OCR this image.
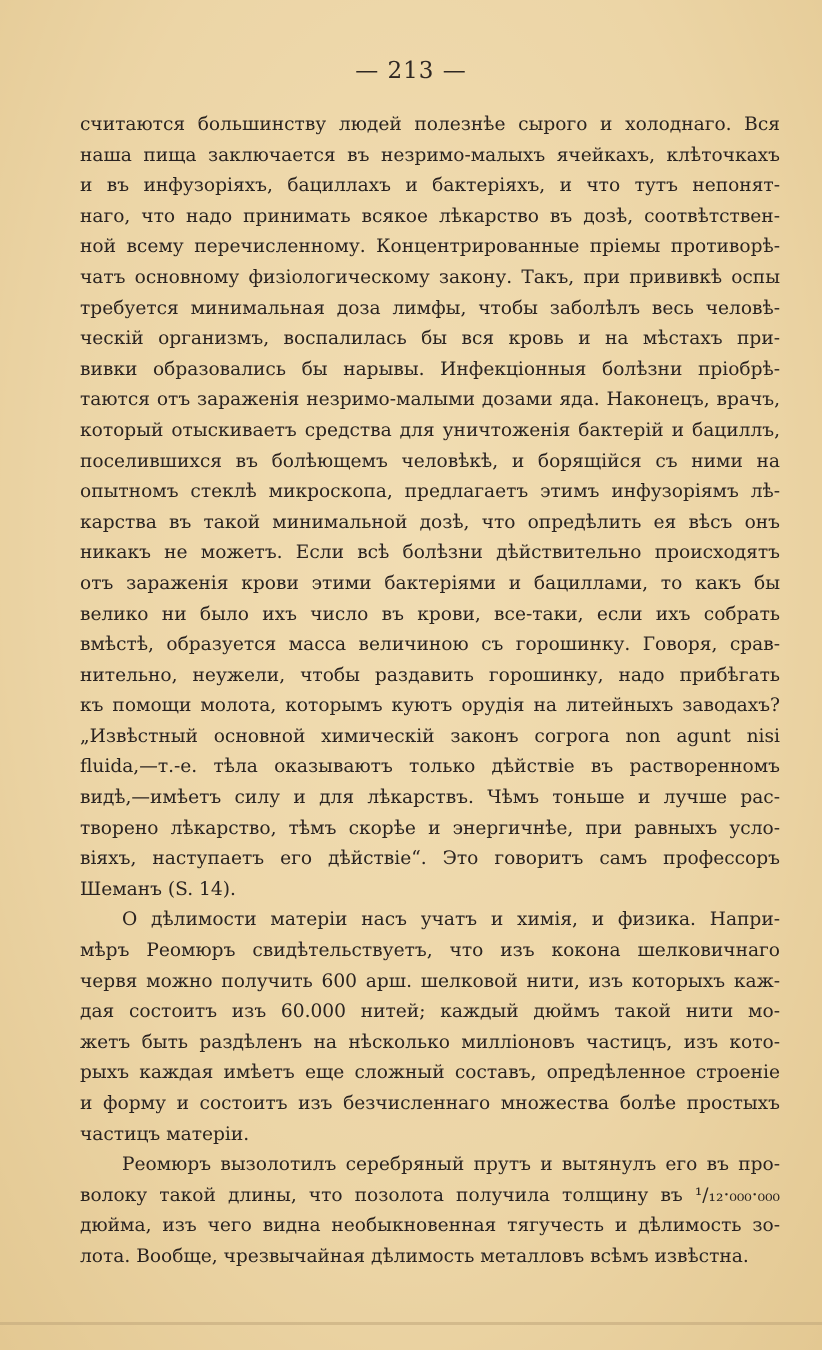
— 213 —
считаются большинству людей полезнѣе сырого и холоднаго. Вся
наша пища заключается въ незримо-малыхъ ячейкахъ, клѣточкахъ
и въ инфузоріяхъ, бациллахъ и бактеріяхъ, и что тутъ непонят-
наго, что надо принимать всякое лѣкарство въ дозѣ, соотвѣтствен-
ной всему перечисленному. Концентрированные пріемы противорѣ-
чатъ основному физіологическому закону. Такъ, при прививкѣ оспы
требуется минимальная доза лимфы, чтобы заболѣлъ весь человѣ-
ческій организмъ, воспалилась бы вся кровь и на мѣстахъ при-
вивки образовались бы нарывы. Инфекціонныя болѣзни пріобрѣ-
таются отъ зараженія незримо-малыми дозами яда. Наконецъ, врачъ,
который отыскиваетъ средства для уничтоженія бактерій и бациллъ,
поселившихся въ болѣющемъ человѣкѣ, и борящійся съ ними на
опытномъ стеклѣ микроскопа, предлагаетъ этимъ инфузоріямъ лѣ-
карства въ такой минимальной дозѣ, что опредѣлить ея вѣсъ онъ
никакъ не можетъ. Если всѣ болѣзни дѣйствительно происходятъ
отъ зараженія крови этими бактеріями и бациллами, то какъ бы
велико ни было ихъ число въ крови, все-таки, если ихъ собрать
вмѣстѣ, образуется масса величиною съ горошинку. Говоря, срав-
нительно, неужели, чтобы раздавить горошинку, надо прибѣгать
къ помощи молота, которымъ куютъ орудія на литейныхъ заводахъ?
„Извѣстный основной химическій законъ согрога non agunt nisi
fluida,—т.-е. тѣла оказываютъ только дѣйствіе въ растворенномъ
видѣ,—имѣетъ силу и для лѣкарствъ. Чѣмъ тоньше и лучше рас-
творено лѣкарство, тѣмъ скорѣе и энергичнѣе, при равныхъ усло-
віяхъ, наступаетъ его дѣйствіе“. Это говоритъ самъ профессоръ
Шеманъ (S. 14).
О дѣлимости матеріи насъ учатъ и химія, и физика. Напри-
мѣръ Реомюръ свидѣтельствуетъ, что изъ кокона шелковичнаго
червя можно получить 600 арш. шелковой нити, изъ которыхъ каж-
дая состоитъ изъ 60.000 нитей; каждый дюймъ такой нити мо-
жетъ быть раздѣленъ на нѣсколько милліоновъ частицъ, изъ кото-
рыхъ каждая имѣетъ еще сложный составъ, опредѣленное строеніе
и форму и состоитъ изъ безчисленнаго множества болѣе простыхъ
частицъ матеріи.
Реомюръ вызолотилъ серебряный прутъ и вытянулъ его въ про-
волоку такой длины, что позолота получила толщину въ ¹/₁₂·₀₀₀·₀₀₀
дюйма, изъ чего видна необыкновенная тягучесть и дѣлимость зо-
лота. Вообще, чрезвычайная дѣлимость металловъ всѣмъ извѣстна.
